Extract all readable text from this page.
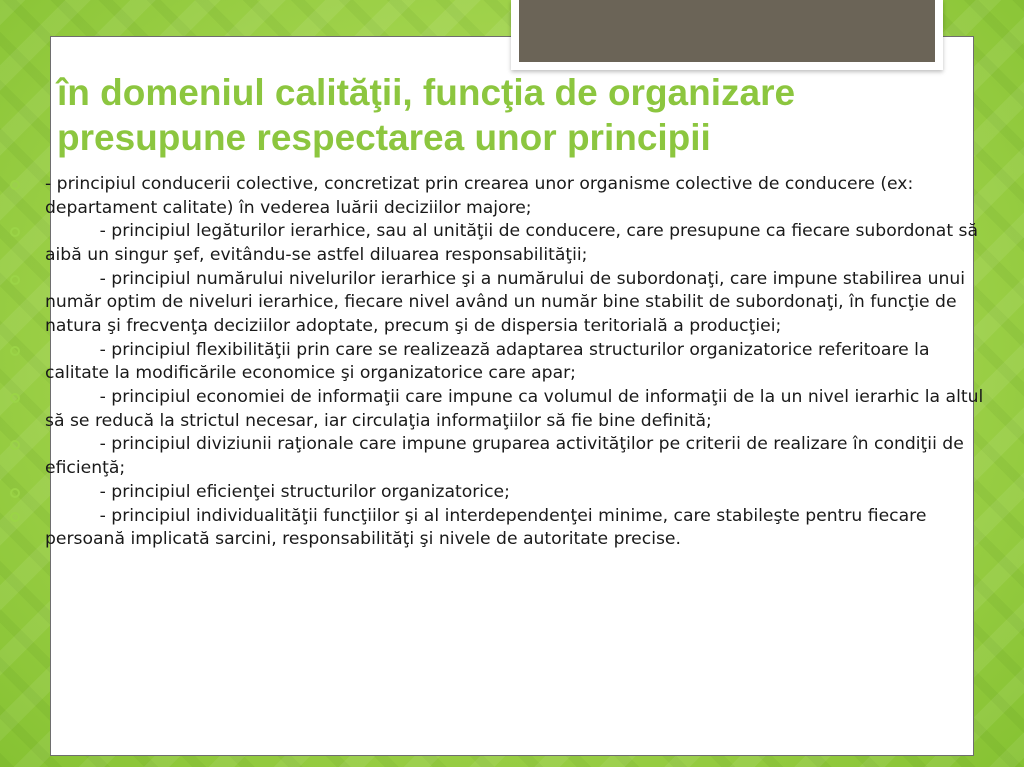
în domeniul calităţii, funcţia de organizare
presupune respectarea unor principii
- principiul conducerii colective, concretizat prin crearea unor organisme colective de conducere (ex: departament calitate) în vederea luării deciziilor majore;
- principiul legăturilor ierarhice, sau al unităţii de conducere, care presupune ca fiecare subordonat să aibă un singur şef, evitându-se astfel diluarea responsabilităţii;
- principiul numărului nivelurilor ierarhice şi a numărului de subordonaţi, care impune stabilirea unui număr optim de niveluri ierarhice, fiecare nivel având un număr bine stabilit de subordonaţi, în funcţie de natura şi frecvenţa deciziilor adoptate, precum şi de dispersia teritorială a producţiei;
- principiul flexibilităţii prin care se realizează adaptarea structurilor organizatorice referitoare la calitate la modificările economice şi organizatorice care apar;
- principiul economiei de informaţii care impune ca volumul de informaţii de la un nivel ierarhic la altul să se reducă la strictul necesar, iar circulaţia informaţiilor să fie bine definită;
- principiul diviziunii raţionale care impune gruparea activităţilor pe criterii de realizare în condiţii de eficienţă;
- principiul eficienţei structurilor organizatorice;
- principiul individualităţii funcţiilor şi al interdependenţei minime, care stabileşte pentru fiecare persoană implicată sarcini, responsabilităţi şi nivele de autoritate precise.
